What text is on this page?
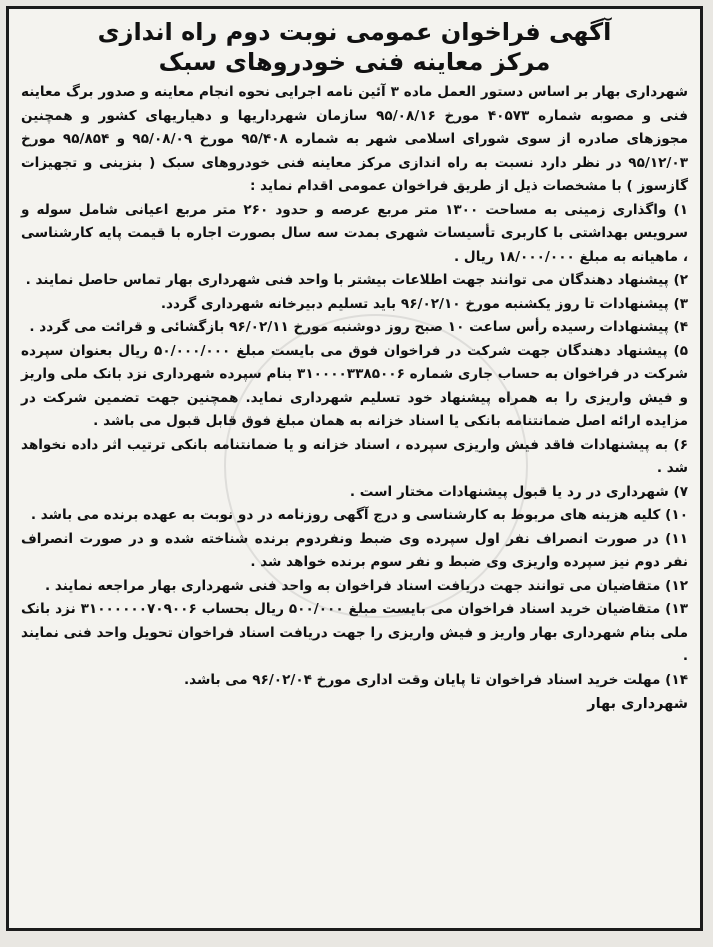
آگهی فراخوان عمومی نوبت دوم راه اندازی
مرکز معاینه فنی خودروهای سبک

شهرداری بهار بر اساس دستور العمل ماده ۳ آئین نامه اجرایی نحوه انجام معاینه و صدور برگ معاینه فنی و مصوبه شماره ۴۰۵۷۳ مورخ ۹۵/۰۸/۱۶ سازمان شهرداریها و دهیاریهای کشور و همچنین مجوزهای صادره از سوی شورای اسلامی شهر به شماره ۹۵/۴۰۸ مورخ ۹۵/۰۸/۰۹ و ۹۵/۸۵۴ مورخ ۹۵/۱۲/۰۳ در نظر دارد نسبت به راه اندازی مرکز معاینه فنی خودروهای سبک ( بنزینی و تجهیزات گازسوز ) با مشخصات ذیل از طریق فراخوان عمومی اقدام نماید :

۱) واگذاری زمینی به مساحت ۱۳۰۰ متر مربع عرصه و حدود ۲۶۰ متر مربع اعیانی شامل سوله و سرویس بهداشتی با کاربری تأسیسات شهری بمدت سه سال بصورت اجاره با قیمت پایه کارشناسی ، ماهیانه به مبلغ ۱۸/۰۰۰/۰۰۰ ریال .

۲) پیشنهاد دهندگان می توانند جهت اطلاعات بیشتر با واحد فنی شهرداری بهار تماس حاصل نمایند .

۳) پیشنهادات تا روز یکشنبه مورخ ۹۶/۰۲/۱۰ باید تسلیم دبیرخانه شهرداری گردد.

۴) پیشنهادات رسیده رأس ساعت ۱۰ صبح روز دوشنبه مورخ ۹۶/۰۲/۱۱ بازگشائی و قرائت می گردد .

۵) پیشنهاد دهندگان جهت شرکت در فراخوان فوق می بایست مبلغ ۵۰/۰۰۰/۰۰۰ ریال بعنوان سپرده شرکت در فراخوان به حساب جاری شماره ۳۱۰۰۰۰۳۳۸۵۰۰۶ بنام سپرده شهرداری نزد بانک ملی واریز و فیش واریزی را به همراه پیشنهاد خود تسلیم شهرداری نماید. همچنین جهت تضمین شرکت در مزایده ارائه اصل ضمانتنامه بانکی یا اسناد خزانه به همان مبلغ فوق قابل قبول می باشد .

۶) به پیشنهادات فاقد فیش واریزی سپرده ، اسناد خزانه و یا ضمانتنامه بانکی ترتیب اثر داده نخواهد شد .

۷) شهرداری در رد یا قبول پیشنهادات مختار است .

۱۰) کلیه هزینه های مربوط به کارشناسی و درج آگهی روزنامه در دو نوبت به عهده برنده می باشد .

۱۱) در صورت انصراف نفر اول سپرده وی ضبط ونفردوم برنده شناخته شده و در صورت انصراف نفر دوم نیز سپرده واریزی وی ضبط و نفر سوم برنده خواهد شد .

۱۲) متقاضیان می توانند جهت دریافت اسناد فراخوان به واحد فنی شهرداری بهار مراجعه نمایند .

۱۳) متقاضیان خرید اسناد فراخوان می بایست مبلغ ۵۰۰/۰۰۰ ریال بحساب ۳۱۰۰۰۰۰۰۷۰۹۰۰۶ نزد بانک ملی بنام شهرداری بهار واریز و فیش واریزی را جهت دریافت اسناد فراخوان تحویل واحد فنی نمایند .

۱۴) مهلت خرید اسناد فراخوان تا پایان وقت اداری مورخ ۹۶/۰۲/۰۴ می باشد.

شهرداری بهار
